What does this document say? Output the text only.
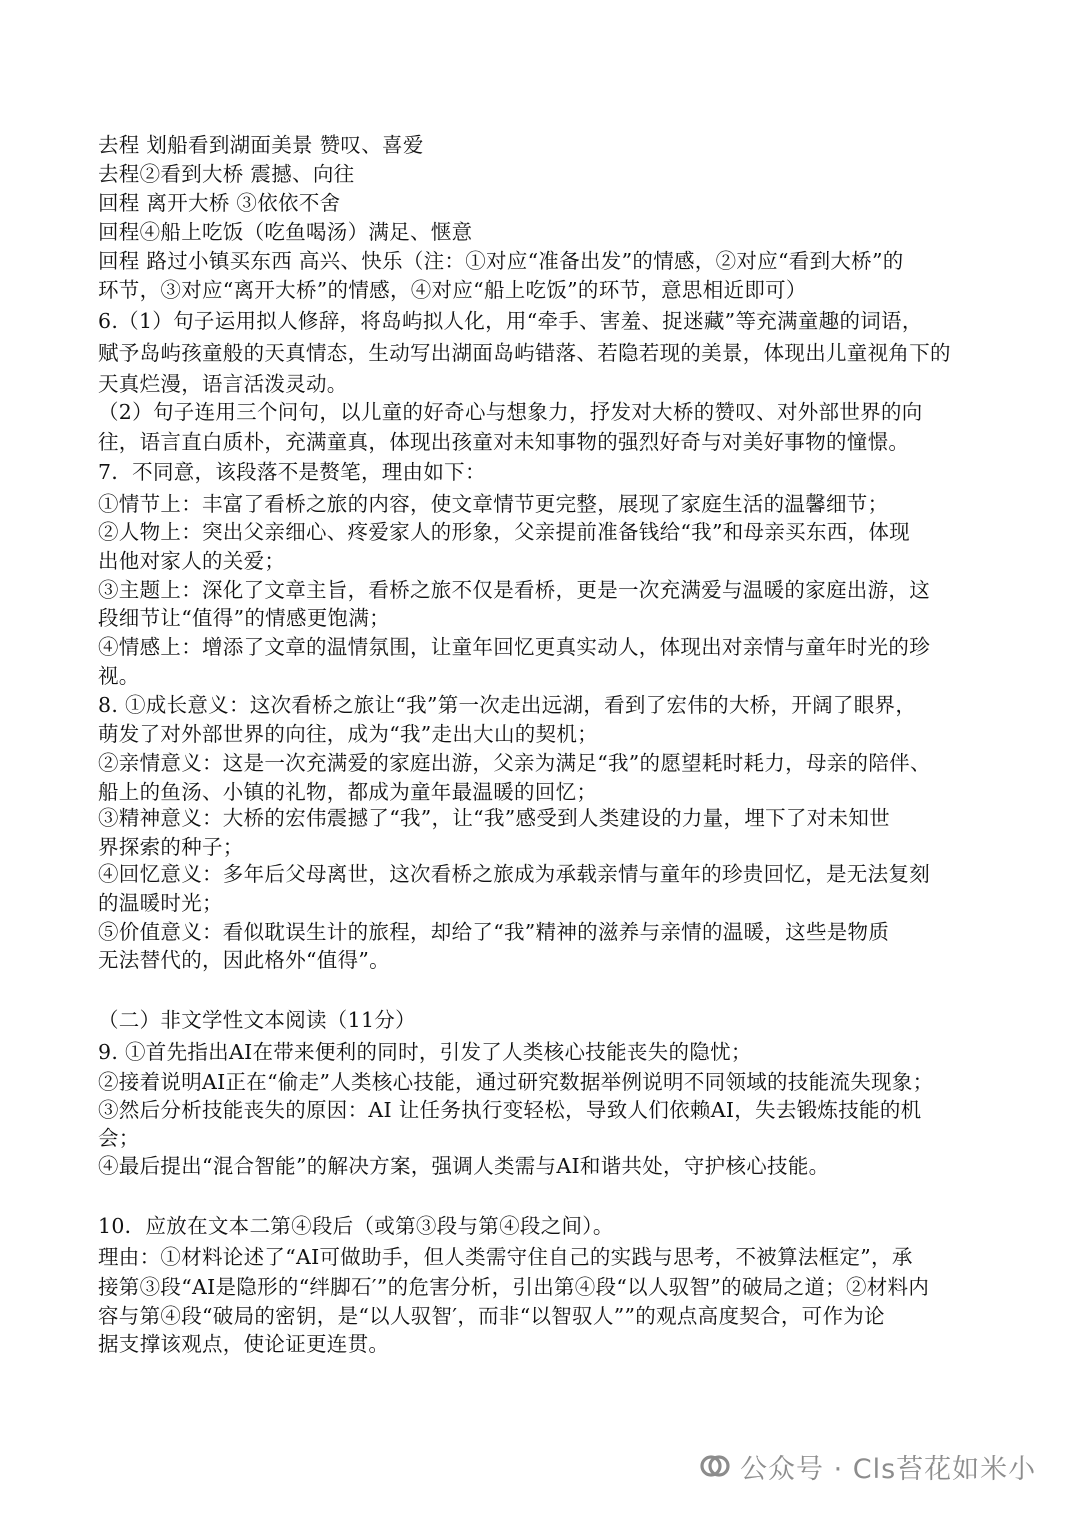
去程 划船看到湖面美景 赞叹、喜爱
去程②看到大桥 震撼、向往
回程 离开大桥 ③依依不舍
回程④船上吃饭（吃鱼喝汤）满足、惬意
回程 路过小镇买东西 高兴、快乐（注：①对应“准备出发”的情感，②对应“看到大桥”的
环节，③对应“离开大桥”的情感，④对应“船上吃饭”的环节，意思相近即可）
6.（1）句子运用拟人修辞，将岛屿拟人化，用“牵手、害羞、捉迷藏”等充满童趣的词语，
赋予岛屿孩童般的天真情态，生动写出湖面岛屿错落、若隐若现的美景，体现出儿童视角下的
天真烂漫，语言活泼灵动。
（2）句子连用三个问句，以儿童的好奇心与想象力，抒发对大桥的赞叹、对外部世界的向
往，语言直白质朴，充满童真，体现出孩童对未知事物的强烈好奇与对美好事物的憧憬。
7．不同意，该段落不是赘笔，理由如下：
①情节上：丰富了看桥之旅的内容，使文章情节更完整，展现了家庭生活的温馨细节；
②人物上：突出父亲细心、疼爱家人的形象，父亲提前准备钱给“我”和母亲买东西，体现
出他对家人的关爱；
③主题上：深化了文章主旨，看桥之旅不仅是看桥，更是一次充满爱与温暖的家庭出游，这
段细节让“值得”的情感更饱满；
④情感上：增添了文章的温情氛围，让童年回忆更真实动人，体现出对亲情与童年时光的珍
视。
8. ①成长意义：这次看桥之旅让“我”第一次走出远湖，看到了宏伟的大桥，开阔了眼界，
萌发了对外部世界的向往，成为“我”走出大山的契机；
②亲情意义：这是一次充满爱的家庭出游，父亲为满足“我”的愿望耗时耗力，母亲的陪伴、
船上的鱼汤、小镇的礼物，都成为童年最温暖的回忆；
③精神意义：大桥的宏伟震撼了“我”，让“我”感受到人类建设的力量，埋下了对未知世
界探索的种子；
④回忆意义：多年后父母离世，这次看桥之旅成为承载亲情与童年的珍贵回忆，是无法复刻
的温暖时光；
⑤价值意义：看似耽误生计的旅程，却给了“我”精神的滋养与亲情的温暖，这些是物质
无法替代的，因此格外“值得”。
（二）非文学性文本阅读（11分）
9. ①首先指出AI在带来便利的同时，引发了人类核心技能丧失的隐忧；
②接着说明AI正在“偷走”人类核心技能，通过研究数据举例说明不同领域的技能流失现象；
③然后分析技能丧失的原因：AI 让任务执行变轻松，导致人们依赖AI，失去锻炼技能的机
会；
④最后提出“混合智能”的解决方案，强调人类需与AI和谐共处，守护核心技能。
10．应放在文本二第④段后（或第③段与第④段之间）。
理由：①材料论述了“AI可做助手，但人类需守住自己的实践与思考，不被算法框定”，承
接第③段“AI是隐形的“绊脚石′”的危害分析，引出第④段“以人驭智”的破局之道；②材料内
容与第④段“破局的密钥，是“以人驭智′，而非“以智驭人””的观点高度契合，可作为论
据支撑该观点，使论证更连贯。
公众号 · Cls苔花如米小
